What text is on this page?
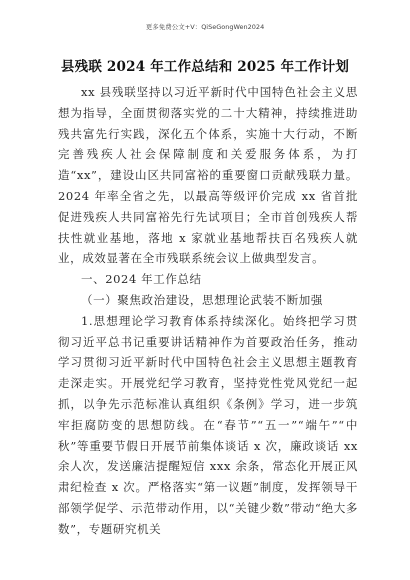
更多免费公文+V：QiSeGongWen2024
县残联 2024 年工作总结和 2025 年工作计划

xx 县残联坚持以习近平新时代中国特色社会主义思想为指导，全面贯彻落实党的二十大精神，持续推进助残共富先行实践，深化五个体系，实施十大行动，不断完善残疾人社会保障制度和关爱服务体系，为打造“xx”，建设山区共同富裕的重要窗口贡献残联力量。2024 年率全省之先，以最高等级评价完成 xx 省首批促进残疾人共同富裕先行先试项目；全市首创残疾人帮扶性就业基地，落地 x 家就业基地帮扶百名残疾人就业，成效显著在全市残联系统会议上做典型发言。

一、2024 年工作总结

（一）聚焦政治建设，思想理论武装不断加强

1.思想理论学习教育体系持续深化。始终把学习贯彻习近平总书记重要讲话精神作为首要政治任务，推动学习贯彻习近平新时代中国特色社会主义思想主题教育走深走实。开展党纪学习教育，坚持党性党风党纪一起抓，以争先示范标准认真组织《条例》学习，进一步筑牢拒腐防变的思想防线。在“春节”“五一”“端午”“中秋”等重要节假日开展节前集体谈话 x 次，廉政谈话 xx 余人次，发送廉洁提醒短信 xxx 余条，常态化开展正风肃纪检查 x 次。严格落实“第一议题”制度，发挥领导干部领学促学、示范带动作用，以“关键少数”带动“绝大多数”，专题研究机关
